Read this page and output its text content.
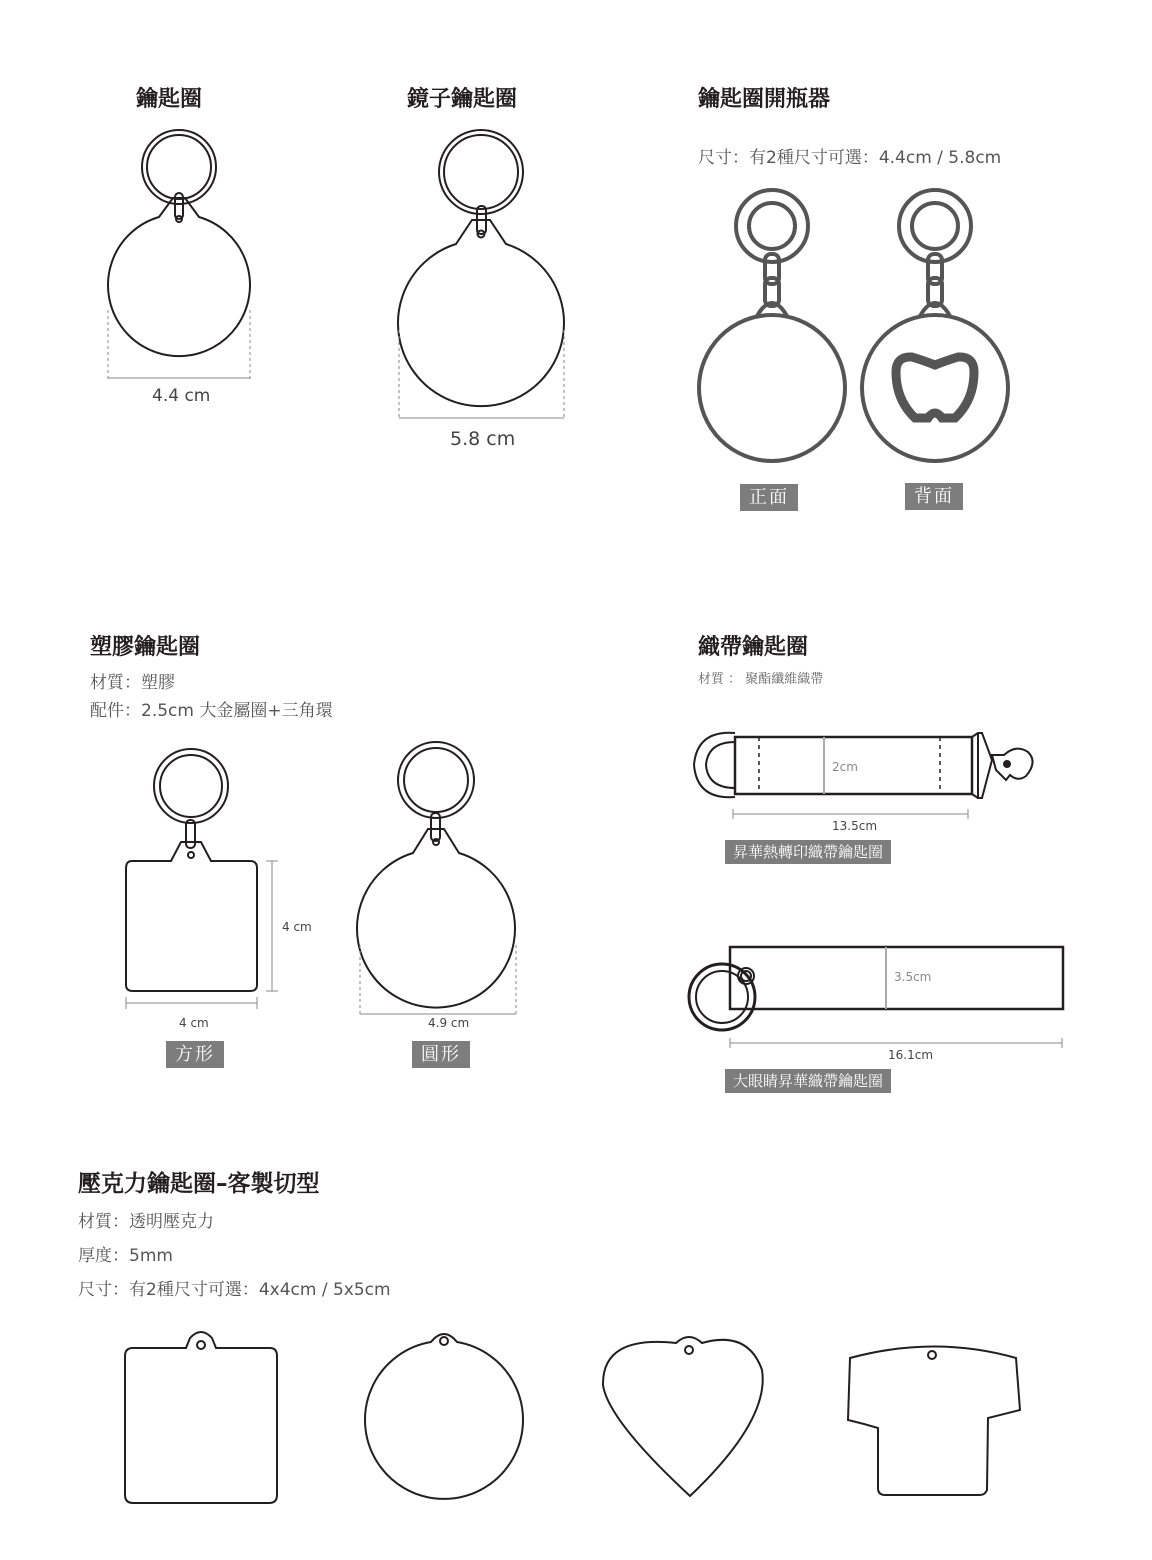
鑰匙圈
4.4 cm
鏡子鑰匙圈
5.8 cm
鑰匙圈開瓶器
尺寸：有2種尺寸可選：4.4cm / 5.8cm
正面	背面
塑膠鑰匙圈
材質：塑膠
配件：2.5cm 大金屬圈+三角環
4 cm
4 cm
方形
4.9 cm
圓形
織帶鑰匙圈
材質 ： 聚酯纖維織帶
2cm
13.5cm
昇華熱轉印織帶鑰匙圈
3.5cm
16.1cm
大眼睛昇華織帶鑰匙圈
壓克力鑰匙圈–客製切型
材質：透明壓克力
厚度：5mm
尺寸：有2種尺寸可選：4x4cm / 5x5cm
